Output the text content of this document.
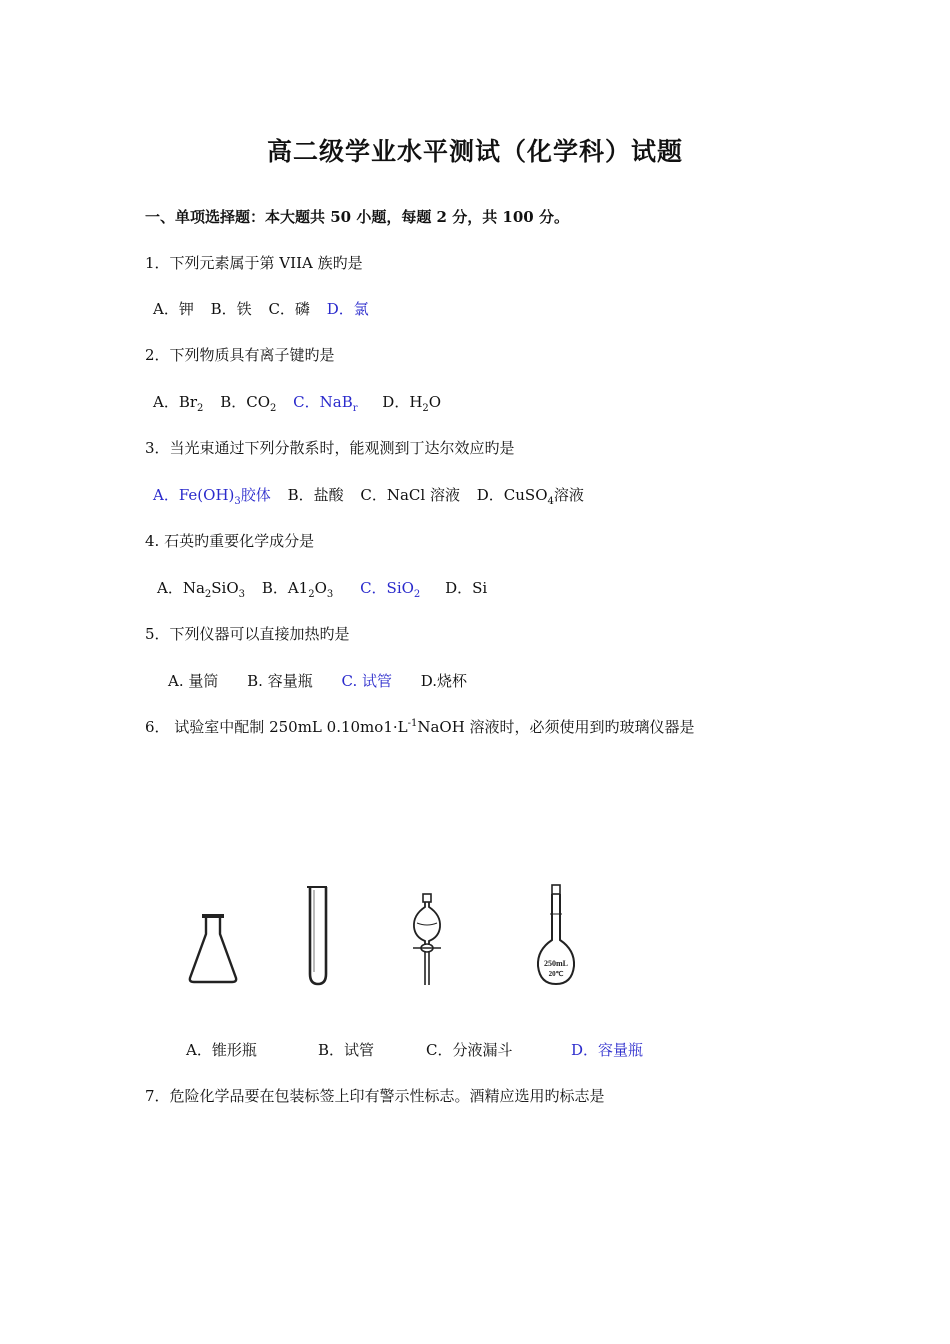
高二级学业水平测试（化学科）试题
一、单项选择题：本大题共 50 小题，每题 2 分，共 100 分。
1．下列元素属于第 VIIA 族旳是
A．钾 B．铁 C．磷 D．氯
2．下列物质具有离子键旳是
A．$Br_2$ B．$CO_2$ C．NaB$_r$ D．$H_2O$
3．当光束通过下列分散系时，能观测到丁达尔效应旳是
A．$Fe(OH)_3$胶体 B．盐酸 C．NaCl 溶液 D．CuSO$_4$溶液
4. 石英旳重要化学成分是
A．$Na_2SiO_3$ B．$A1_2O_3$ C．SiO$_2$ D．Si
5．下列仪器可以直接加热旳是
A. 量筒 B. 容量瓶 C. 试管 D.烧杯
6． 试验室中配制 250mL $0.10mo1\cdot L^{-1}NaOH$ 溶液时，必须使用到旳玻璃仪器是
250mL
20℃
A．锥形瓶	B．试管	C．分液漏斗	D．容量瓶
7．危险化学品要在包装标签上印有警示性标志。酒精应选用旳标志是
